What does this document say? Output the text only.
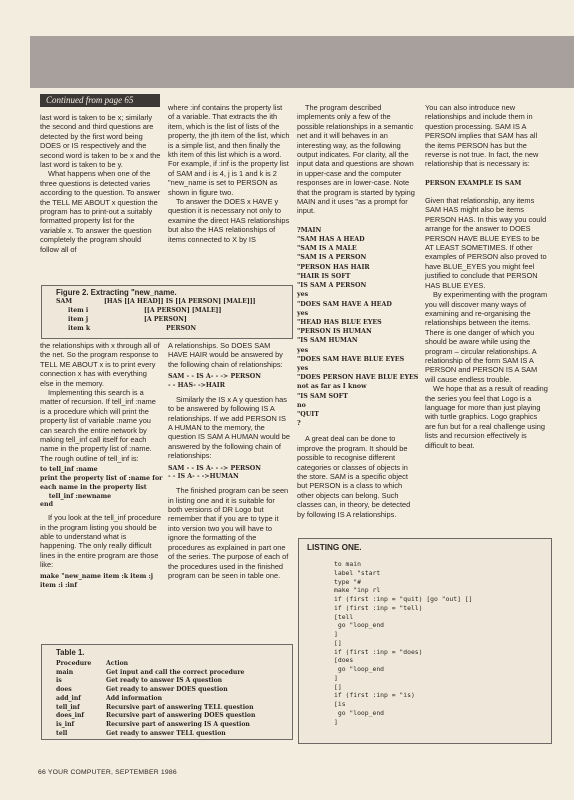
Continued from page 65

last word is taken to be x; similarly the second and third questions are detected by the first word being DOES or IS respectively and the second word is taken to be x and the last word is taken to be y.

What happens when one of the three questions is detected varies according to the question. To answer the TELL ME ABOUT x question the program has to print-out a suitably formatted property list for the variable x. To answer the question completely the program should follow all of

where :inf contains the property list of a variable. That extracts the ith item, which is the list of lists of the property, the jth item of the list, which is a simple list, and then finally the kth item of this list which is a word. For example, if :inf is the property list of SAM and i is 4, j is 1 and k is 2 "new_name is set to PERSON as shown in figure two.

To answer the DOES x HAVE y question it is necessary not only to examine the direct HAS relationships but also the HAS relationships of items connected to X by IS

Figure 2. Extracting "new_name.
SAM	[HAS [[A HEAD]] IS [[A PERSON] [MALE]]]
item i	[[A PERSON] [MALE]]
item j	[A PERSON]
item k	PERSON

the relationships with x through all of the net. So the program response to TELL ME ABOUT x is to print every connection x has with everything else in the memory.

Implementing this search is a matter of recursion. If tell_inf :name is a procedure which will print the property list of variable :name you can search the entire network by making tell_inf call itself for each name in the property list of :name. The rough outline of tell_inf is:

to tell_inf :name
print the property list of :name for
each name in the property list
tell_inf :newname
end

If you look at the tell_inf procedure in the program listing you should be able to understand what is happening. The only really difficult lines in the entire program are those like:

make "new_name item :k item :j
item :i :inf
Table 1.
Procedure	Action
main	Get input and call the correct procedure
is	Get ready to answer IS A question
does	Get ready to answer DOES question
add_inf	Add information
tell_inf	Recursive part of answering TELL question
does_inf	Recursive part of answering DOES question
is_inf	Recursive part of answering IS A question
tell	Get ready to answer TELL question

A relationships. So DOES SAM HAVE HAIR would be answered by the following chain of relationships:

SAM - - IS A- - -> PERSON
- - HAS- ->HAIR

Similarly the IS x A y question has to be answered by following IS A relationships. If we add PERSON IS A HUMAN to the memory, the question IS SAM A HUMAN would be answered by the following chain of relationships:

SAM - - IS A- - -> PERSON
- - IS A- - ->HUMAN

The finished program can be seen in listing one and it is suitable for both versions of DR Logo but remember that if you are to type it into version two you will have to ignore the formatting of the procedures as explained in part one of the series. The purpose of each of the procedures used in the finished program can be seen in table one.

The program described implements only a few of the possible relationships in a semantic net and it will behaves in an interesting way, as the following output indicates. For clarity, all the input data and questions are shown in upper-case and the computer responses are in lower-case. Note that the program is started by typing MAIN and it uses "as a prompt for input.

?MAIN
"SAM HAS A HEAD
"SAM IS A MALE
"SAM IS A PERSON
"PERSON HAS HAIR
"HAIR IS SOFT
"IS SAM A PERSON
yes
"DOES SAM HAVE A HEAD
yes
"HEAD HAS BLUE EYES
"PERSON IS HUMAN
"IS SAM HUMAN
yes
"DOES SAM HAVE BLUE EYES
yes
"DOES PERSON HAVE BLUE EYES
not as far as I know
"IS SAM SOFT
no
"QUIT
?

A great deal can be done to improve the program. It should be possible to recognise different categories or classes of objects in the store. SAM is a specific object but PERSON is a class to which other objects can belong. Such classes can, in theory, be detected by following IS A relationships.

You can also introduce new relationships and include them in question processing. SAM IS A PERSON implies that SAM has all the items PERSON has but the reverse is not true. In fact, the new relationship that is necessary is:

PERSON EXAMPLE IS SAM

Given that relationship, any items SAM HAS might also be items PERSON HAS. In this way you could arrange for the answer to DOES PERSON HAVE BLUE EYES to be AT LEAST SOMETIMES. If other examples of PERSON also proved to have BLUE_EYES you might feel justified to conclude that PERSON HAS BLUE EYES.

By experimenting with the program you will discover many ways of examining and re-organising the relationships between the items. There is one danger of which you should be aware while using the program – circular relationships. A relationship of the form SAM IS A PERSON and PERSON IS A SAM will cause endless trouble.

We hope that as a result of reading the series you feel that Logo is a language for more than just playing with turtle graphics. Logo graphics are fun but for a real challenge using lists and recursion effectively is difficult to beat.

LISTING ONE.
to main
label "start
type "#
make "inp rl
if (first :inp = "quit) [go "out] []
if (first :inp = "tell)
[tell
go "loop_end
]
[]
if (first :inp = "does)
[does
go "loop_end
]
[]
if (first :inp = "is)
[is
go "loop_end
]
66 YOUR COMPUTER, SEPTEMBER 1986
